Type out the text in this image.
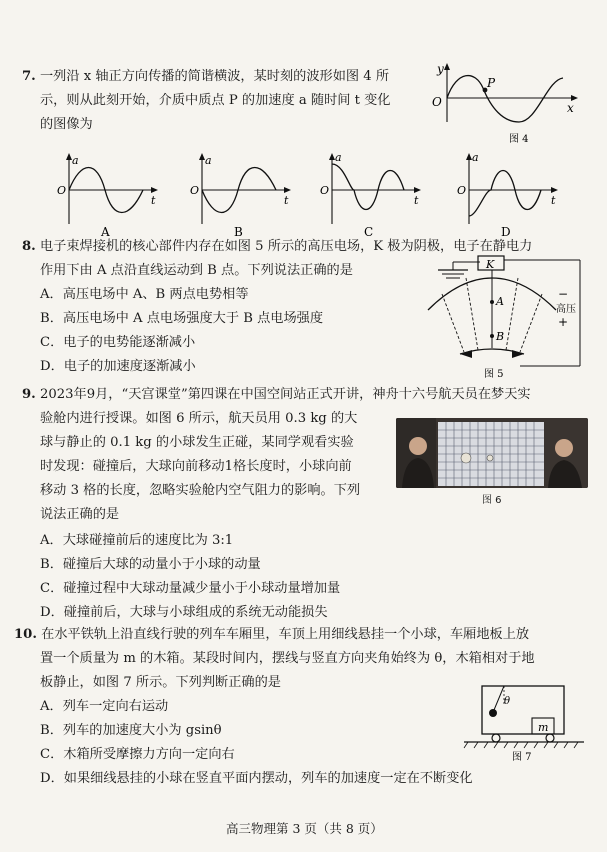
7. 一列沿 x 轴正方向传播的简谐横波，某时刻的波形如图 4 所
示，则从此刻开始，介质中质点 P 的加速度 a 随时间 t 变化
的图像为
y
O
P
x
图 4
a
O
t
A
a
O
t
B
a
O
t
C
a
O
t
D
8. 电子束焊接机的核心部件内存在如图 5 所示的高压电场，K 极为阴极，电子在静电力
作用下由 A 点沿直线运动到 B 点。下列说法正确的是
A．高压电场中 A、B 两点电势相等
B．高压电场中 A 点电场强度大于 B 点电场强度
C．电子的电势能逐渐减小
D．电子的加速度逐渐减小
K
A
B
−
高压
+
图 5
9. 2023年9月，“天宫课堂”第四课在中国空间站正式开讲，神舟十六号航天员在梦天实
验舱内进行授课。如图 6 所示，航天员用 0.3 kg 的大
球与静止的 0.1 kg 的小球发生正碰，某同学观看实验
时发现：碰撞后，大球向前移动1格长度时，小球向前
移动 3 格的长度，忽略实验舱内空气阻力的影响。下列
说法正确的是
A．大球碰撞前后的速度比为 3:1
B．碰撞后大球的动量小于小球的动量
C．碰撞过程中大球动量减少量小于小球动量增加量
D．碰撞前后，大球与小球组成的系统无动能损失
图 6
10. 在水平铁轨上沿直线行驶的列车车厢里，车顶上用细线悬挂一个小球，车厢地板上放
置一个质量为 m 的木箱。某段时间内，摆线与竖直方向夹角始终为 θ，木箱相对于地
板静止，如图 7 所示。下列判断正确的是
A．列车一定向右运动
B．列车的加速度大小为 gsinθ
C．木箱所受摩擦力方向一定向右
D．如果细线悬挂的小球在竖直平面内摆动，列车的加速度一定在不断变化
θ
m
图 7
高三物理第 3 页（共 8 页）
